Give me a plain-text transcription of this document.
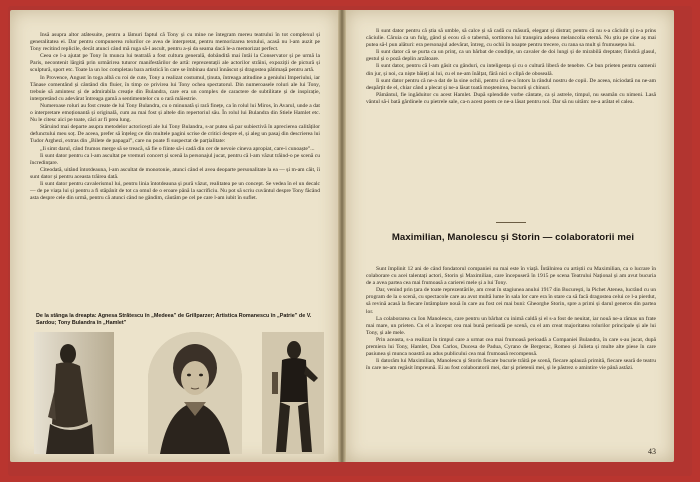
Insă asupra altor atâtesuite, pentru a lămuri faptul că Tony și cu mine ne întegram mereu teatrului în tot complexul și generalitatea ei. Dar pentru compunerea rolurilor ce avea de interpretat, pentru memorizarea textului, acasă nu l-am auzit pe Tony recitind replicile, decât atunci când mă ruga să-l ascult, pentru a-și da seama dacă le-a memorizat perfect.

Ceea ce l-a ajutat pe Tony în munca lui teatrală a fost cultura generală, dobândită mai întâi la Conservator și pe urmă la Paris, necontenit lărgită prin urmărirea tuturor manifestărilor de artă: reprezentații ale actorilor străini, expoziții de pictură și sculptură, sport etc. Toate la un loc completau bara artistică în care se îmbinau darul înnăscut și dragostea pătimașă pentru artă.

In Provence, Angust în toga albă cu roi de cute, Tony a realizat costumul, ținuta, întreaga atitudine a geniului Imperiului, iar Tănase comentând și cântând din fluier, în timp ce privirea lui Tony ochea spectatorul. Din numeroasele roluri ale lui Tony, trebuie să amintesc și de admirabila creație din Bulandra, care era un complex de caractere de subtilitate și de inspirație, interpretând cu adevărat întreaga gamă a sentimentelor cu o rară măiestrie.

Numeroase roluri au fost create de lui Tony Bulandra, cu o minunată și rară finețe, ca în rolul lui Miros, în Avarul, unde a dat o interpretare emoționantă și originală, cum au mai fost și altele din repertoriul său. În rolul lui Bulandra din Stiele Hamlet etc. Nu le citesc aici pe toate, căci ar fi prea lung.

Stăruind mai departe asupra metodelor actoricești ale lui Tony Bulandra, s-ar putea să par subiectivă în aprecierea calităților defunctului meu soț. De aceea, prefer să înțeleg ce din multele pagini scrise de critici despre el, și aleg un pasaj din descrierea lui Tudor Arghezi, extras din „Bilete de papagal”, care nu poate fi suspectat de parțialitate:

„Ii simt darul, când frumos merge să se treacă, să fie o fiinte să-i cadă din cer de nevoie cineva apropiat, care-i cunoaște”...

Ii sunt dator pentru ca l-am ascultat pe vremuri concert și scenă la personajul jucat, pentru că l-am văzut trăind-o pe scenă cu încredințare.

Citeodată, uitând întotdeauna, l-am ascultat de monotonie, atunci când el avea deoparte personalitate la ea — și m-am căit, îi sunt dator și pentru aceasta trăirea dată.

Ii sunt dator pentru cavalerismul lui, pentru linia întotdeauna și pură văzut, realitatea pe un concept. Se vedea în el un decalc — de pe viața lui și pentru a fi stăpânit de tot ca omul de o eroare până la sacrificiu. Nu pot să scriu cuvântul despre Tony făcând asta despre cele din urmă, pentru că atunci când ne gândim, căutăm pe cel pe care l-am iubit în suflet.

De la stânga la dreapta: Agnesa Strătescu în „Medeea” de Grillparzer; Artistica Romanescu în „Patrie” de V. Sardou; Tony Bulandra în „Hamlet”

Ii sunt dator pentru că știa să umble, să calce și să cadă cu măsură, elegant și distrat; pentru că nu s-a căciulit și n-a prins căciulie. Căruia ca un fulg, gând și ecou că o tabernă, sortitorea lui transpira adesea melancolia eternă. Nu știu pe cine aș mai putea să-l pun alături: era personajul adevărat, întreg, cu ochii în noapte pentru trecere, cu rana sa mult și frumusețea lui.

Ii sunt dator că se purta ca un prinț, ca un bărbat de condiție, un cavaler de doi lungi și de mirabilă dreptate; fiindcă glasul, gestul și o poză deplin arzătoare.

Ii sunt dator, pentru că l-am găsit cu gânduri, cu inteligența și cu o cultură liberă de tenebre. Ce bun prieten pentru oamenii din jur, și noi, ca niște băieți ai lui, cu el ne-am înălțat, fără nici o clipă de oboseală.

Ii sunt dator pentru că ne-a dat de la sine ochii, pentru că ne-a întors la rândul nostru de copii. De aceea, niciodată nu ne-am despărțit de el, chiar când a plecat și ne-a lăsat toată moștenirea, bucurii și chinuri.

Pământul, fie ingăduitor cu acest Hamlet. După splendide vorbe cântate, ca și astrele, timpul, nu seamăn cu nimeni. Lasă vântul să-i bată gărdinele cu pietrele sale, ca-n acest poem ce ne-a lăsat pentru noi. Dar să nu uităm: ne-a arătat el calea.

Maximilian, Manolescu și Storin — colaboratorii mei

Sunt împlinit 12 ani de când fondatorul companiei nu mai este în viață. Întâlnirea cu artiștii cu Maximilian, ca o lucrare în colaborare cu acei talentați actori, Storin și Maximilian, care începuseră în 1915 pe scena Teatrului Național și am avut bucuria de a avea partea cea mai frumoasă a carierei mele și a lui Tony.

Dar, venind prin țara de toate reprezentările, am creat în stagiunea anului 1917 din Bucureşti, la Pichet Atenea, lucrând cu un program de la o scenă, cu spectacole care au avut multă lume în sala lor care era în stare ca să facă dragostea celui ce l-a pierdut, să revină acasă la fiecare întâmplare nouă în care au fost cei mai buni: Gheorghe Storin, spre a primi și darul generos din partea lor.

La colaborarea cu Ion Manolescu, care pentru un bărbat cu inimă caldă și el s-a fost de neuitat, iar nouă ne-a rămas un frate mai mare, un prieten. Cu el a început cea mai bună perioadă pe scenă, cu el am creat majoritatea rolurilor principale și ale lui Tony, și ale mele.

Prin aceasta, s-a realizat în timpul care a urmat cea mai frumoasă perioadă a Companiei Bulandra, în care s-au jucat, după premiera lui Tony, Hamlet, Don Carlos, Ducesa de Padua, Cyrano de Bergerac, Romeo și Julieta și multe alte piese în care pasiunea și munca noastră au adus publicului cea mai frumoasă recompensă.

Ii datorăm lui Maximilian, Manolescu și Storin fiecare bucurie trăită pe scenă, fiecare aplauză primită, fiecare seară de teatru în care ne-am regăsit împreună. Ei au fost colaboratorii mei, dar și prietenii mei, și le păstrez o amintire vie până astăzi.

43
